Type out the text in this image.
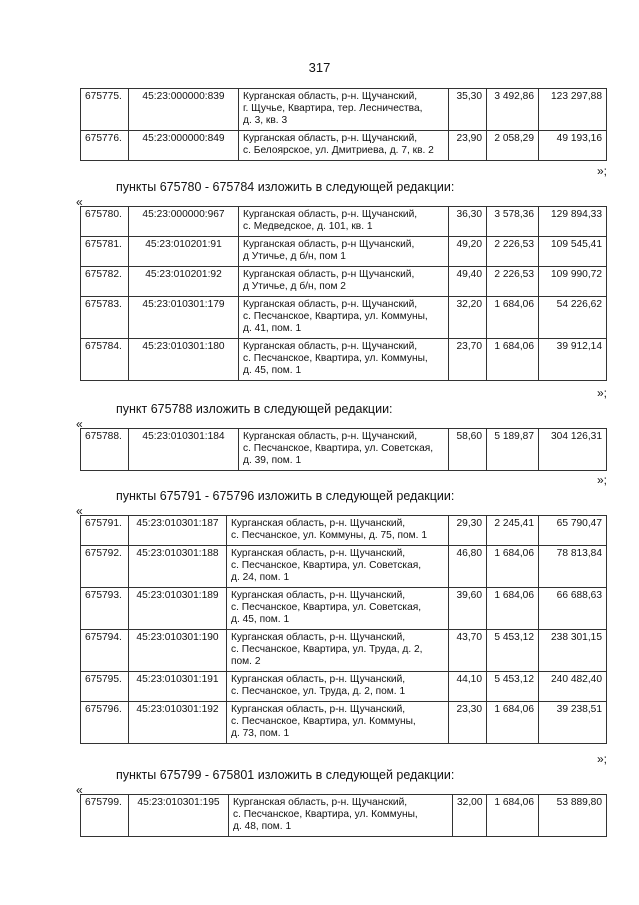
317
675775.	45:23:000000:839	Курганская область, р-н. Щучанский,
г. Щучье, Квартира, тер. Лесничества,
д. 3, кв. 3	35,30	3 492,86	123 297,88
675776.	45:23:000000:849	Курганская область, р-н. Щучанский,
с. Белоярское, ул. Дмитриева, д. 7, кв. 2	23,90	2 058,29	49 193,16
»;
пункты 675780 - 675784 изложить в следующей редакции:
«
675780.	45:23:000000:967	Курганская область, р-н. Щучанский,
с. Медведское, д. 101, кв. 1	36,30	3 578,36	129 894,33
675781.	45:23:010201:91	Курганская область, р-н Щучанский,
д Утичье, д б/н, пом 1	49,20	2 226,53	109 545,41
675782.	45:23:010201:92	Курганская область, р-н Щучанский,
д Утичье, д б/н, пом 2	49,40	2 226,53	109 990,72
675783.	45:23:010301:179	Курганская область, р-н. Щучанский,
с. Песчанское, Квартира, ул. Коммуны,
д. 41, пом. 1	32,20	1 684,06	54 226,62
675784.	45:23:010301:180	Курганская область, р-н. Щучанский,
с. Песчанское, Квартира, ул. Коммуны,
д. 45, пом. 1	23,70	1 684,06	39 912,14
»;
пункт 675788 изложить в следующей редакции:
«
675788.	45:23:010301:184	Курганская область, р-н. Щучанский,
с. Песчанское, Квартира, ул. Советская,
д. 39, пом. 1
	58,60	5 189,87	304 126,31
»;
пункты 675791 - 675796 изложить в следующей редакции:
«
675791.	45:23:010301:187	Курганская область, р-н. Щучанский,
с. Песчанское, ул. Коммуны, д. 75, пом. 1	29,30	2 245,41	65 790,47
675792.	45:23:010301:188	Курганская область, р-н. Щучанский,
с. Песчанское, Квартира, ул. Советская,
д. 24, пом. 1	46,80	1 684,06	78 813,84
675793.	45:23:010301:189	Курганская область, р-н. Щучанский,
с. Песчанское, Квартира, ул. Советская,
д. 45, пом. 1	39,60	1 684,06	66 688,63
675794.	45:23:010301:190	Курганская область, р-н. Щучанский,
с. Песчанское, Квартира, ул. Труда, д. 2,
пом. 2	43,70	5 453,12	238 301,15
675795.	45:23:010301:191	Курганская область, р-н. Щучанский,
с. Песчанское, ул. Труда, д. 2, пом. 1	44,10	5 453,12	240 482,40
675796.	45:23:010301:192	Курганская область, р-н. Щучанский,
с. Песчанское, Квартира, ул. Коммуны,
д. 73, пом. 1	23,30	1 684,06	39 238,51
»;
пункты 675799 - 675801 изложить в следующей редакции:
«
675799.	45:23:010301:195	Курганская область, р-н. Щучанский,
с. Песчанское, Квартира, ул. Коммуны,
д. 48, пом. 1
	32,00	1 684,06	53 889,80
